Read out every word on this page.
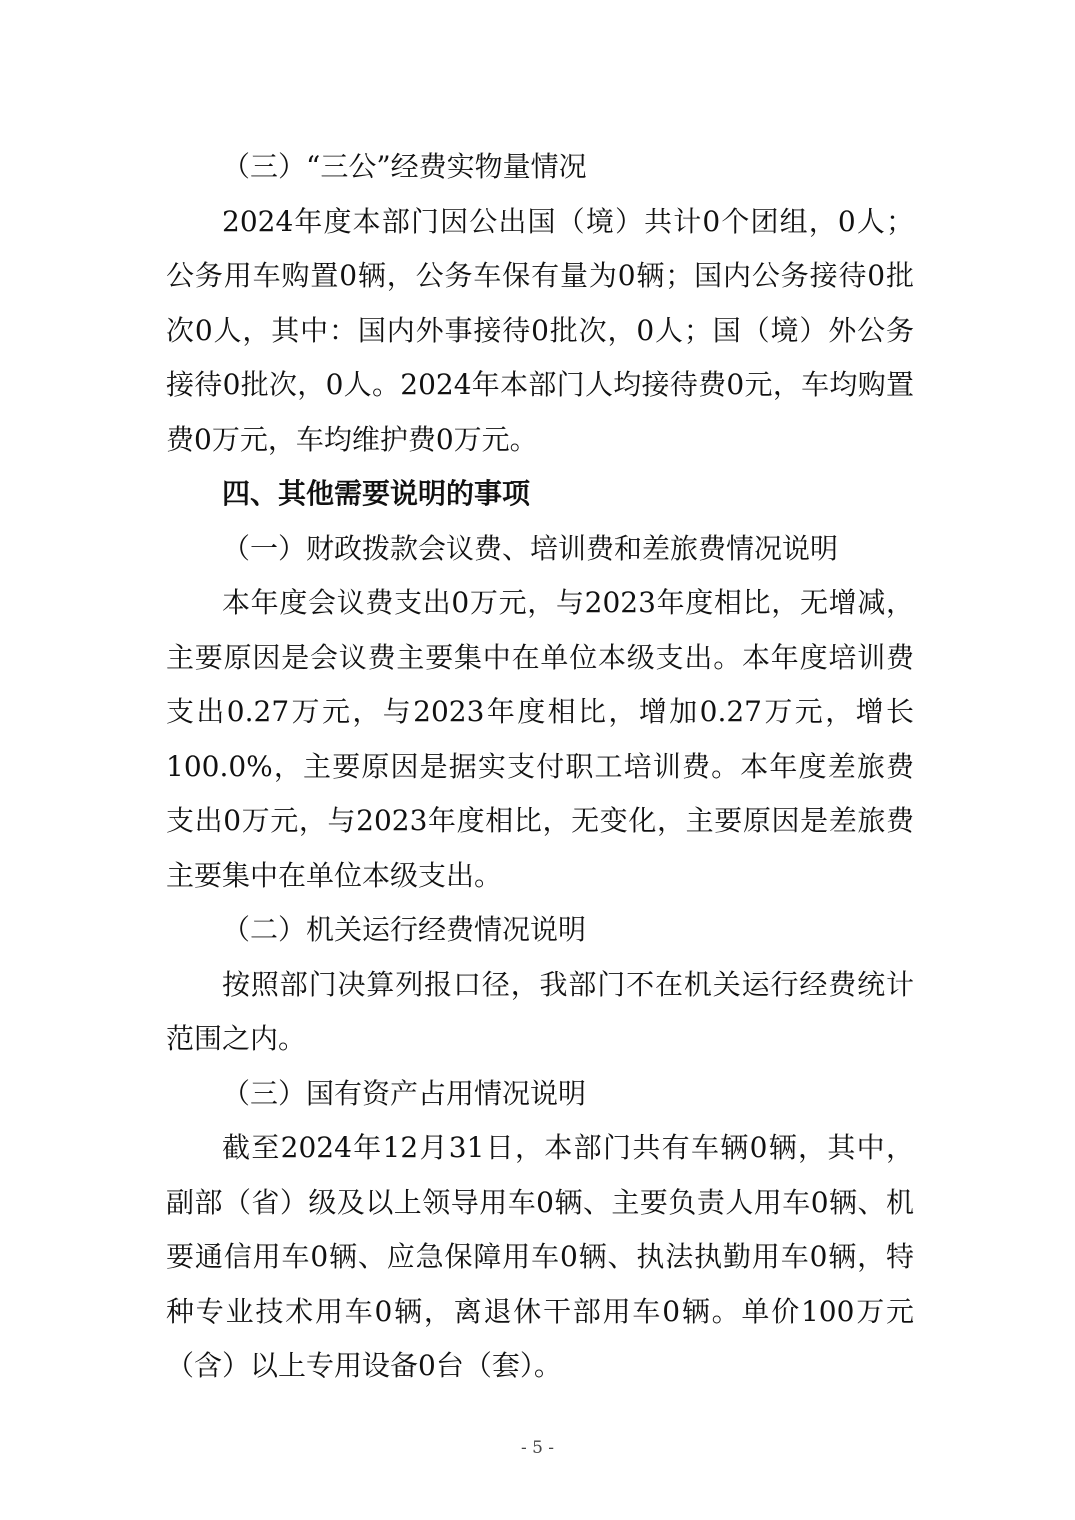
（三）“三公”经费实物量情况

2024年度本部门因公出国（境）共计0个团组，0人；公务用车购置0辆，公务车保有量为0辆；国内公务接待0批次0人，其中：国内外事接待0批次，0人；国（境）外公务接待0批次，0人。2024年本部门人均接待费0元，车均购置费0万元，车均维护费0万元。

四、其他需要说明的事项

（一）财政拨款会议费、培训费和差旅费情况说明

本年度会议费支出0万元，与2023年度相比，无增减，主要原因是会议费主要集中在单位本级支出。本年度培训费支出0.27万元，与2023年度相比，增加0.27万元，增长100.0%，主要原因是据实支付职工培训费。本年度差旅费支出0万元，与2023年度相比，无变化，主要原因是差旅费主要集中在单位本级支出。

（二）机关运行经费情况说明

按照部门决算列报口径，我部门不在机关运行经费统计范围之内。

（三）国有资产占用情况说明

截至2024年12月31日，本部门共有车辆0辆，其中，副部（省）级及以上领导用车0辆、主要负责人用车0辆、机要通信用车0辆、应急保障用车0辆、执法执勤用车0辆，特种专业技术用车0辆，离退休干部用车0辆。单价100万元（含）以上专用设备0台（套）。

- 5 -
